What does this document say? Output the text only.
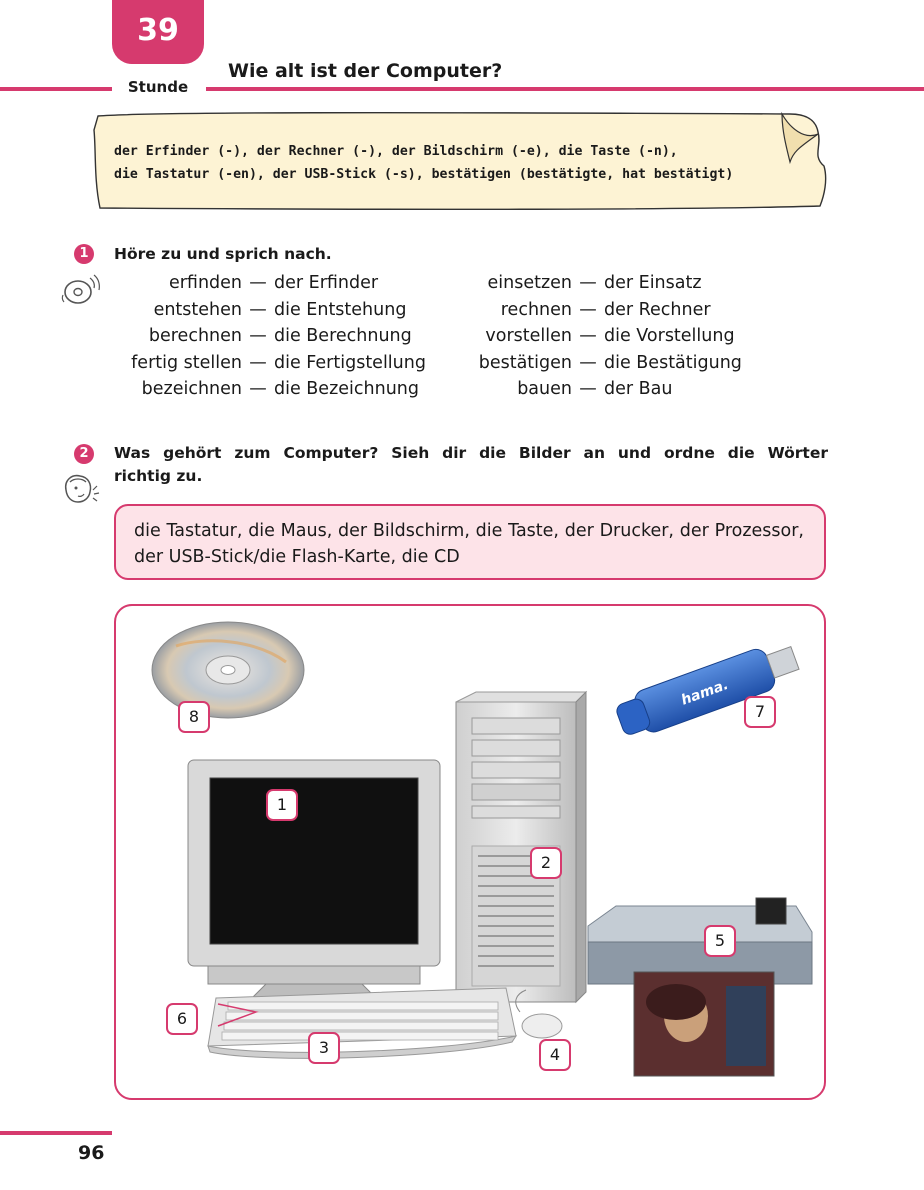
39
Stunde
Wie alt ist der Computer?
der Erfinder (-), der Rechner (-), der Bildschirm (-e), die Taste (-n),
die Tastatur (-en), der USB-Stick (-s), bestätigen (bestätigte, hat bestätigt)
1	Höre zu und sprich nach.
erfinden — der Erfinder
entstehen — die Entstehung
berechnen — die Berechnung
fertig stellen — die Fertigstellung
bezeichnen — die Bezeichnung
einsetzen — der Einsatz
rechnen — der Rechner
vorstellen — die Vorstellung
bestätigen — die Bestätigung
bauen — der Bau
2	Was gehört zum Computer? Sieh dir die Bilder an und ordne die Wörter
richtig zu.
die Tastatur, die Maus, der Bildschirm, die Taste, der Drucker, der Prozessor, der USB-Stick/die Flash-Karte, die CD
hama.
1
2
3	4
5
6
7
8
96
